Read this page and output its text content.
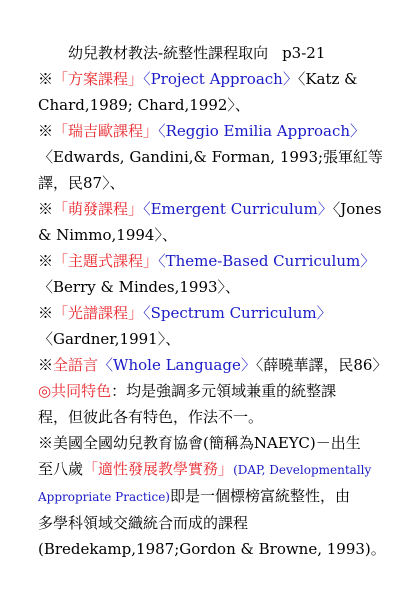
幼兒教材教法-統整性課程取向 p3-21
※「方案課程」〈Project Approach〉〈Katz &
Chard,1989; Chard,1992〉、
※「瑞吉歐課程」〈Reggio Emilia Approach〉
〈Edwards, Gandini,& Forman, 1993;張軍紅等
譯，民87〉、
※「萌發課程」〈Emergent Curriculum〉〈Jones
& Nimmo,1994〉、
※「主題式課程」〈Theme-Based Curriculum〉
〈Berry & Mindes,1993〉、
※「光譜課程」〈Spectrum Curriculum〉
〈Gardner,1991〉、
※全語言〈Whole Language〉〈薛曉華譯，民86〉
◎共同特色：均是強調多元領域兼重的統整課
程，但彼此各有特色，作法不一。
※美國全國幼兒教育協會(簡稱為NAEYC)－出生
至八歲「適性發展教學實務」(DAP, Developmentally
Appropriate Practice)即是一個標榜富統整性，由
多學科領域交織統合而成的課程
(Bredekamp,1987;Gordon & Browne, 1993)。
